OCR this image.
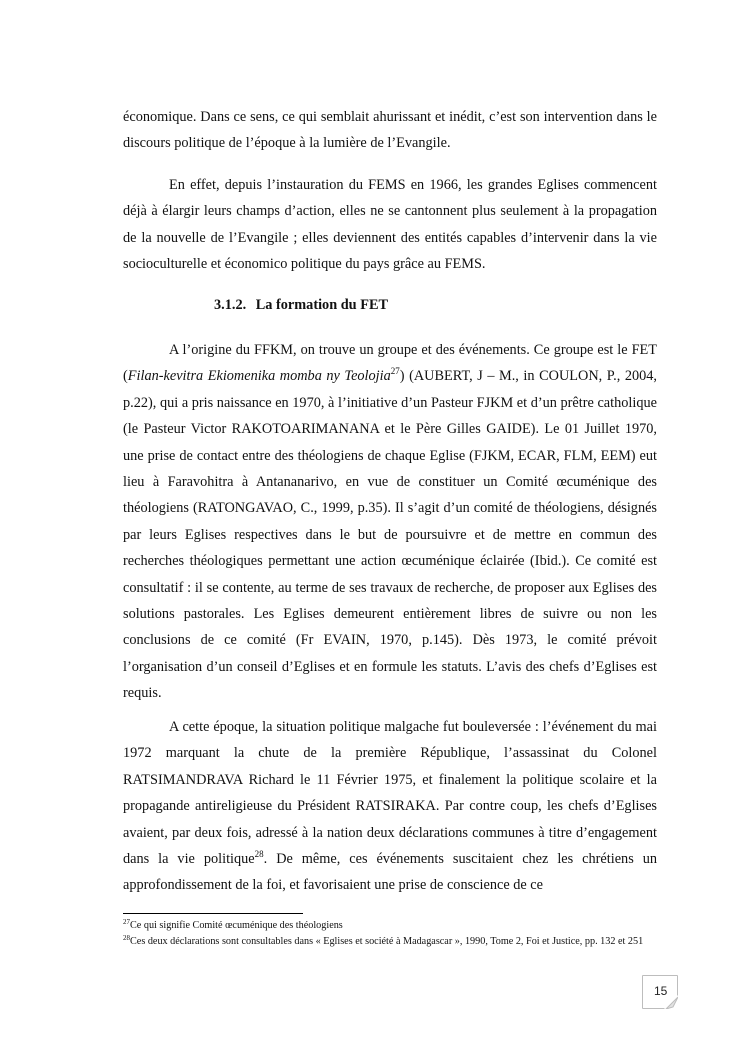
économique. Dans ce sens, ce qui semblait ahurissant et inédit, c’est son intervention dans le discours politique de l’époque à la lumière de l’Evangile.

En effet, depuis l’instauration du FEMS en 1966, les grandes Eglises commencent déjà à élargir leurs champs d’action, elles ne se cantonnent plus seulement à la propagation de la nouvelle de l’Evangile ; elles deviennent des entités capables d’intervenir dans la vie socioculturelle et économico politique du pays grâce au FEMS.

3.1.2. La formation du FET

A l’origine du FFKM, on trouve un groupe et des événements. Ce groupe est le FET (Filan-kevitra Ekiomenika momba ny Teolojia$^{27}$) (AUBERT, J – M., in COULON, P., 2004, p.22), qui a pris naissance en 1970, à l’initiative d’un Pasteur FJKM et d’un prêtre catholique (le Pasteur Victor RAKOTOARIMANANA et le Père Gilles GAIDE). Le 01 Juillet 1970, une prise de contact entre des théologiens de chaque Eglise (FJKM, ECAR, FLM, EEM) eut lieu à Faravohitra à Antananarivo, en vue de constituer un Comité œcuménique des théologiens (RATONGAVAO, C., 1999, p.35). Il s’agit d’un comité de théologiens, désignés par leurs Eglises respectives dans le but de poursuivre et de mettre en commun des recherches théologiques permettant une action œcuménique éclairée (Ibid.). Ce comité est consultatif : il se contente, au terme de ses travaux de recherche, de proposer aux Eglises des solutions pastorales. Les Eglises demeurent entièrement libres de suivre ou non les conclusions de ce comité (Fr EVAIN, 1970, p.145). Dès 1973, le comité prévoit l’organisation d’un conseil d’Eglises et en formule les statuts. L’avis des chefs d’Eglises est requis.

A cette époque, la situation politique malgache fut bouleversée : l’événement du mai 1972 marquant la chute de la première République, l’assassinat du Colonel RATSIMANDRAVA Richard le 11 Février 1975, et finalement la politique scolaire et la propagande antireligieuse du Président RATSIRAKA. Par contre coup, les chefs d’Eglises avaient, par deux fois, adressé à la nation deux déclarations communes à titre d’engagement dans la vie politique$^{28}$. De même, ces événements suscitaient chez les chrétiens un approfondissement de la foi, et favorisaient une prise de conscience de ce

$^{27}$Ce qui signifie Comité œcuménique des théologiens

$^{28}$Ces deux déclarations sont consultables dans « Eglises et société à Madagascar », 1990, Tome 2, Foi et Justice, pp. 132 et 251

15
